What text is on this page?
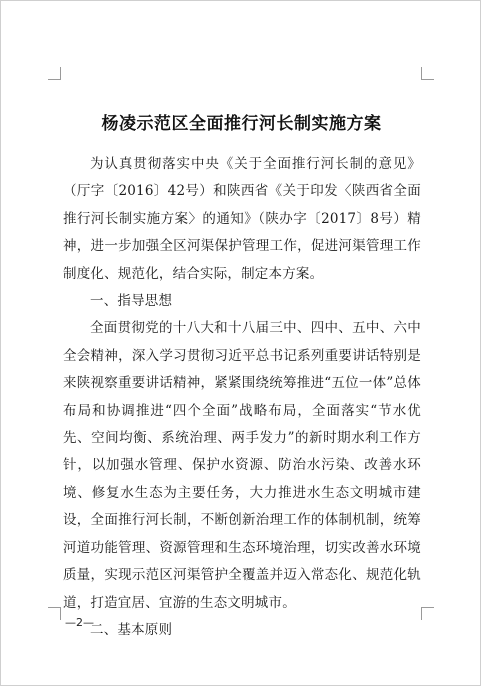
杨凌示范区全面推行河长制实施方案

为认真贯彻落实中央《关于全面推行河长制的意见》（厅字〔2016〕42号）和陕西省《关于印发〈陕西省全面推行河长制实施方案〉的通知》（陕办字〔2017〕8号）精神，进一步加强全区河渠保护管理工作，促进河渠管理工作制度化、规范化，结合实际，制定本方案。

一、指导思想

全面贯彻党的十八大和十八届三中、四中、五中、六中全会精神，深入学习贯彻习近平总书记系列重要讲话特别是来陕视察重要讲话精神，紧紧围绕统筹推进“五位一体”总体布局和协调推进“四个全面”战略布局，全面落实“节水优先、空间均衡、系统治理、两手发力”的新时期水利工作方针，以加强水管理、保护水资源、防治水污染、改善水环境、修复水生态为主要任务，大力推进水生态文明城市建设，全面推行河长制，不断创新治理工作的体制机制，统筹河道功能管理、资源管理和生态环境治理，切实改善水环境质量，实现示范区河渠管护全覆盖并迈入常态化、规范化轨道，打造宜居、宜游的生态文明城市。

二、基本原则
—2—
